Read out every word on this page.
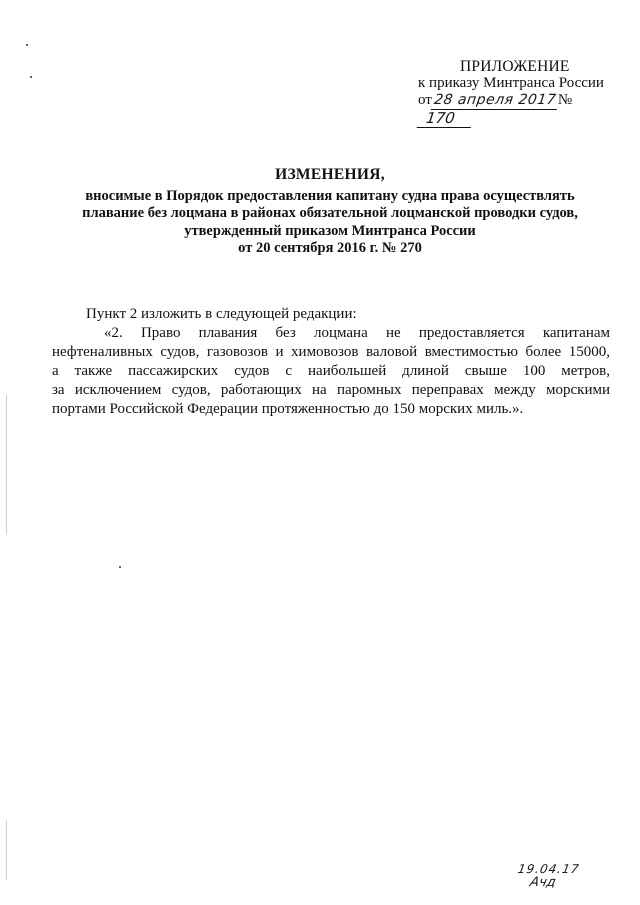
ПРИЛОЖЕНИЕ
к приказу Минтранса России
от28 апреля 2017№170
ИЗМЕНЕНИЯ,
вносимые в Порядок предоставления капитану судна права осуществлять
плавание без лоцмана в районах обязательной лоцманской проводки судов,
утвержденный приказом Минтранса России
от 20 сентября 2016 г. № 270
Пункт 2 изложить в следующей редакции:
«2. Право плавания без лоцмана не предоставляется капитанам
нефтеналивных судов, газовозов и химовозов валовой вместимостью более 15000,
а также пассажирских судов с наибольшей длиной свыше 100 метров,
за исключением судов, работающих на паромных переправах между морскими
портами Российской Федерации протяженностью до 150 морских миль.».
19.04.17
Ачд
